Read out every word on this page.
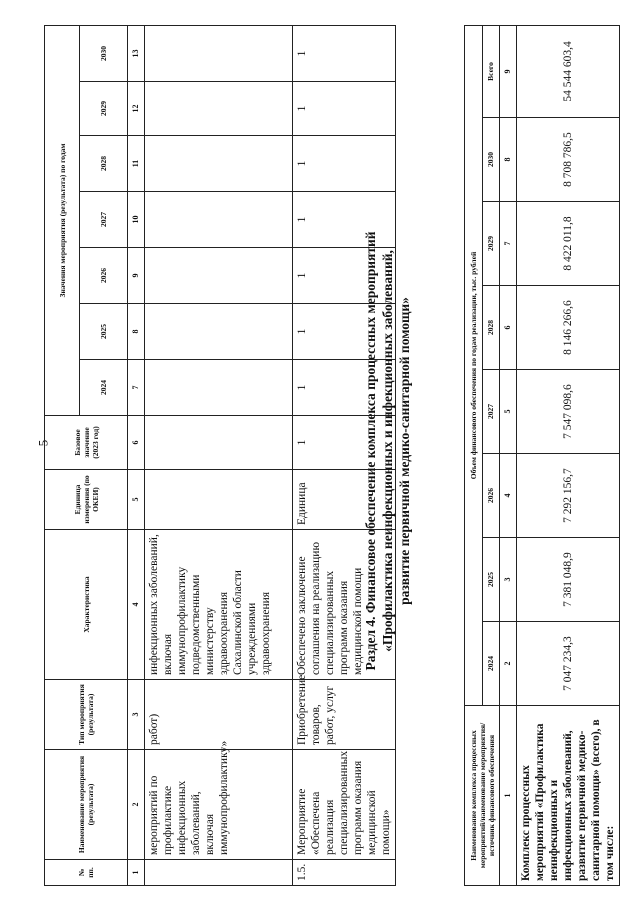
5
№ пп.	Наименование мероприятия (результата)	Тип мероприятия (результата)	Характеристика	Единица измерения (по ОКЕИ)	Базовое значение (2023 год)	Значения мероприятия (результата) по годам						
						2024	2025	2026	2027	2028	2029	2030
1	2	3	4	5	6	7	8	9	10	11	12	13
	мероприятий по профилактике инфекционных заболеваний, включая иммунопрофилактику»	работ)	инфекционных заболеваний, включая иммунопрофилактику подведомственными министерству здравоохранения Сахалинской области учреждениями здравоохранения									
1.5.	Мероприятие «Обеспечена реализация специализированных программ оказания медицинской помощи»	Приобретение товаров, работ, услуг	Обеспечено заключение соглашения на реализацию специализированных программ оказания медицинской помощи	Единица	1	1	1	1	1	1	1	1
Раздел 4. Финансовое обеспечение комплекса процессных мероприятий «Профилактика неинфекционных и инфекционных заболеваний, развитие первичной медико-санитарной помощи»
Наименование комплекса процессных мероприятий/наименование мероприятия/источник финансового обеспечения	Объем финансового обеспечения по годам реализации, тыс. рублей							
	2024	2025	2026	2027	2028	2029	2030	Всего
1	2	3	4	5	6	7	8	9
Комплекс процессных мероприятий «Профилактика неинфекционных и инфекционных заболеваний, развитие первичной медико-санитарной помощи» (всего), в том числе:	7 047 234,3	7 381 048,9	7 292 156,7	7 547 098,6	8 146 266,6	8 422 011,8	8 708 786,5	54 544 603,4
